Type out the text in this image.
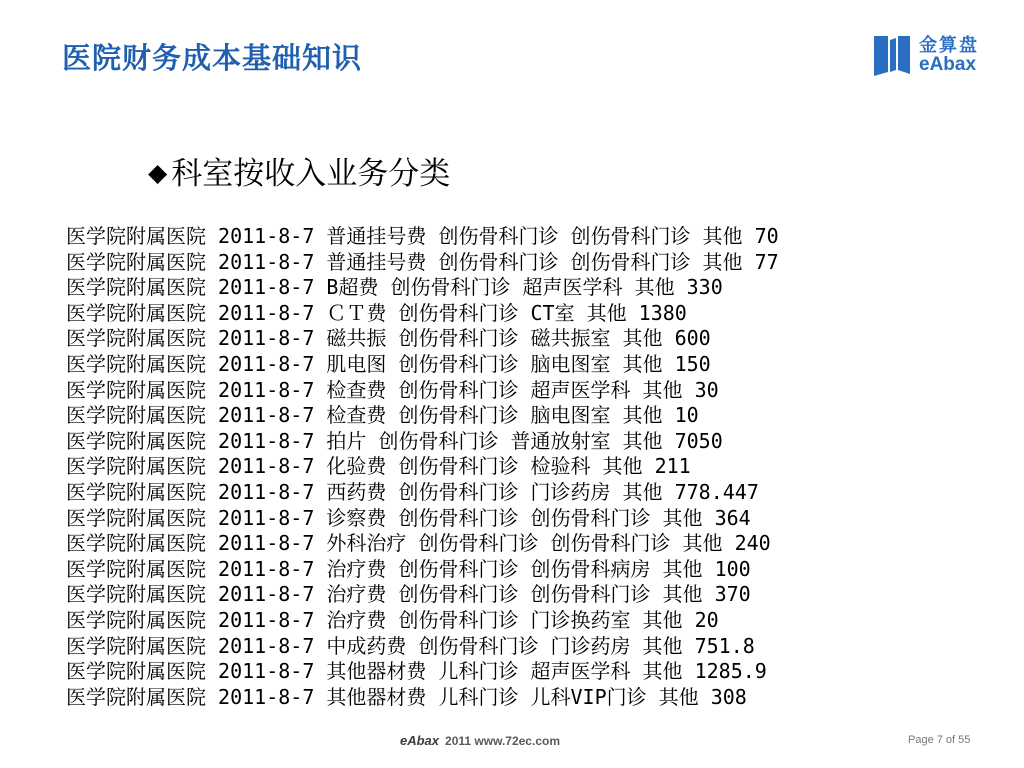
医院财务成本基础知识	金算盘
eAbax
◆ 科室按收入业务分类
医学院附属医院 2011-8-7 普通挂号费 创伤骨科门诊 创伤骨科门诊 其他 70
医学院附属医院 2011-8-7 普通挂号费 创伤骨科门诊 创伤骨科门诊 其他 77
医学院附属医院 2011-8-7 B超费 创伤骨科门诊 超声医学科 其他 330
医学院附属医院 2011-8-7 ＣＴ费 创伤骨科门诊 CT室 其他 1380
医学院附属医院 2011-8-7 磁共振 创伤骨科门诊 磁共振室 其他 600
医学院附属医院 2011-8-7 肌电图 创伤骨科门诊 脑电图室 其他 150
医学院附属医院 2011-8-7 检查费 创伤骨科门诊 超声医学科 其他 30
医学院附属医院 2011-8-7 检查费 创伤骨科门诊 脑电图室 其他 10
医学院附属医院 2011-8-7 拍片 创伤骨科门诊 普通放射室 其他 7050
医学院附属医院 2011-8-7 化验费 创伤骨科门诊 检验科 其他 211
医学院附属医院 2011-8-7 西药费 创伤骨科门诊 门诊药房 其他 778.447
医学院附属医院 2011-8-7 诊察费 创伤骨科门诊 创伤骨科门诊 其他 364
医学院附属医院 2011-8-7 外科治疗 创伤骨科门诊 创伤骨科门诊 其他 240
医学院附属医院 2011-8-7 治疗费 创伤骨科门诊 创伤骨科病房 其他 100
医学院附属医院 2011-8-7 治疗费 创伤骨科门诊 创伤骨科门诊 其他 370
医学院附属医院 2011-8-7 治疗费 创伤骨科门诊 门诊换药室 其他 20
医学院附属医院 2011-8-7 中成药费 创伤骨科门诊 门诊药房 其他 751.8
医学院附属医院 2011-8-7 其他器材费 儿科门诊 超声医学科 其他 1285.9
医学院附属医院 2011-8-7 其他器材费 儿科门诊 儿科VIP门诊 其他 308
eAbax 2011 www.72ec.com	Page 7 of 55
